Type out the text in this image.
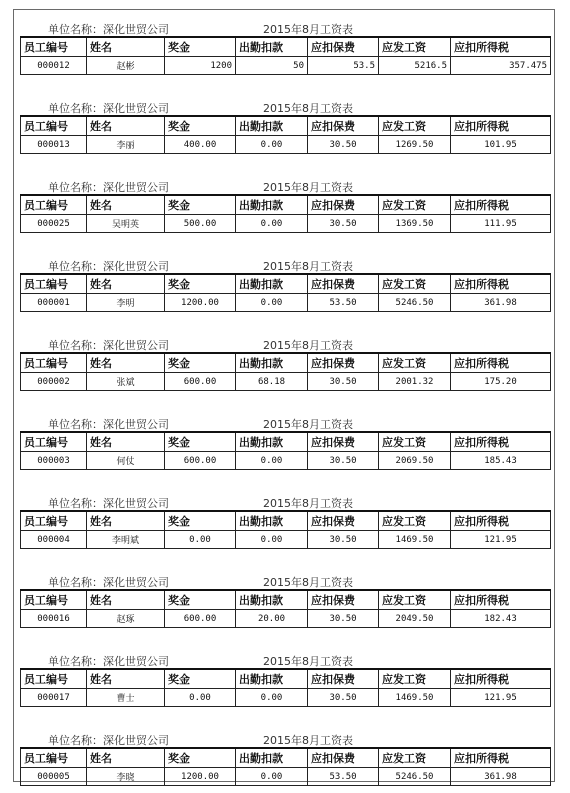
单位名称：深化世贸公司	2015年8月工资表
员工编号	姓名	奖金	出勤扣款	应扣保费	应发工资	应扣所得税
000012	赵彬	1200	50	53.5	5216.5	357.475
单位名称：深化世贸公司	2015年8月工资表
员工编号	姓名	奖金	出勤扣款	应扣保费	应发工资	应扣所得税
000013	李丽	400.00	0.00	30.50	1269.50	101.95
单位名称：深化世贸公司	2015年8月工资表
员工编号	姓名	奖金	出勤扣款	应扣保费	应发工资	应扣所得税
000025	吴明英	500.00	0.00	30.50	1369.50	111.95
单位名称：深化世贸公司	2015年8月工资表
员工编号	姓名	奖金	出勤扣款	应扣保费	应发工资	应扣所得税
000001	李明	1200.00	0.00	53.50	5246.50	361.98
单位名称：深化世贸公司	2015年8月工资表
员工编号	姓名	奖金	出勤扣款	应扣保费	应发工资	应扣所得税
000002	张斌	600.00	68.18	30.50	2001.32	175.20
单位名称：深化世贸公司	2015年8月工资表
员工编号	姓名	奖金	出勤扣款	应扣保费	应发工资	应扣所得税
000003	何仗	600.00	0.00	30.50	2069.50	185.43
单位名称：深化世贸公司	2015年8月工资表
员工编号	姓名	奖金	出勤扣款	应扣保费	应发工资	应扣所得税
000004	李明斌	0.00	0.00	30.50	1469.50	121.95
单位名称：深化世贸公司	2015年8月工资表
员工编号	姓名	奖金	出勤扣款	应扣保费	应发工资	应扣所得税
000016	赵琢	600.00	20.00	30.50	2049.50	182.43
单位名称：深化世贸公司	2015年8月工资表
员工编号	姓名	奖金	出勤扣款	应扣保费	应发工资	应扣所得税
000017	曹士	0.00	0.00	30.50	1469.50	121.95
单位名称：深化世贸公司	2015年8月工资表
员工编号	姓名	奖金	出勤扣款	应扣保费	应发工资	应扣所得税
000005	李晓	1200.00	0.00	53.50	5246.50	361.98
